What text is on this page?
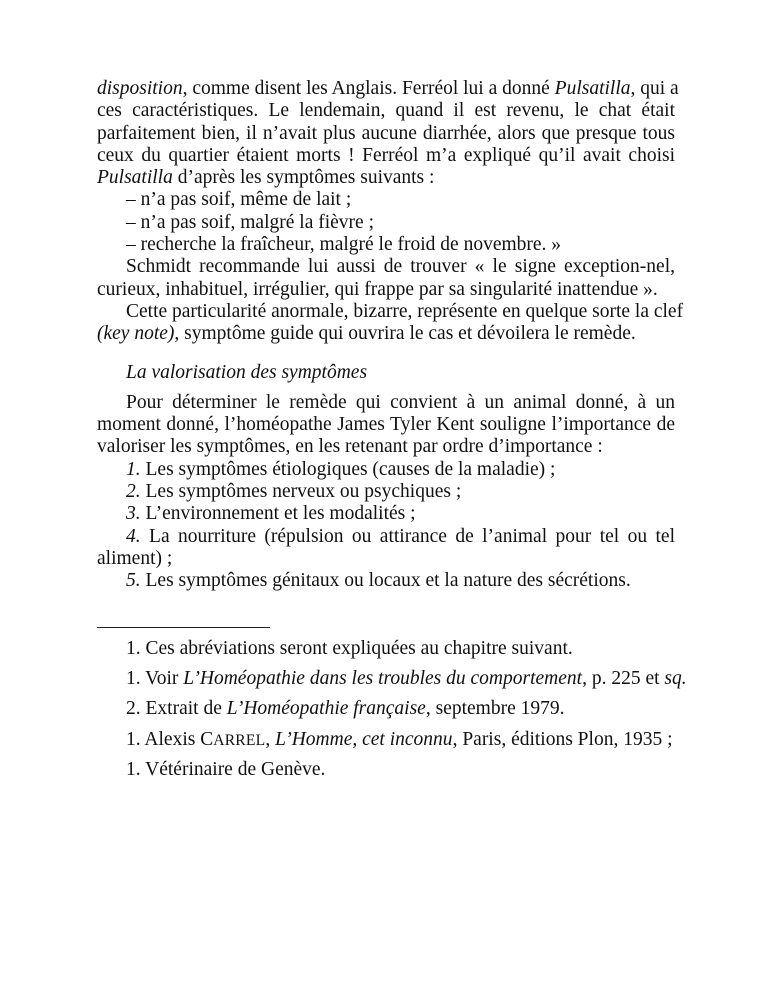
disposition, comme disent les Anglais. Ferréol lui a donné Pulsatilla, qui a
ces caractéristiques. Le lendemain, quand il est revenu, le chat était
parfaitement bien, il n’avait plus aucune diarrhée, alors que presque tous
ceux du quartier étaient morts ! Ferréol m’a expliqué qu’il avait choisi
Pulsatilla d’après les symptômes suivants :
– n’a pas soif, même de lait ;
– n’a pas soif, malgré la fièvre ;
– recherche la fraîcheur, malgré le froid de novembre. »
Schmidt recommande lui aussi de trouver « le signe exception-nel,
curieux, inhabituel, irrégulier, qui frappe par sa singularité inattendue ».
Cette particularité anormale, bizarre, représente en quelque sorte la clef
(key note), symptôme guide qui ouvrira le cas et dévoilera le remède.
La valorisation des symptômes
Pour déterminer le remède qui convient à un animal donné, à un
moment donné, l’homéopathe James Tyler Kent souligne l’importance de
valoriser les symptômes, en les retenant par ordre d’importance :
1. Les symptômes étiologiques (causes de la maladie) ;
2. Les symptômes nerveux ou psychiques ;
3. L’environnement et les modalités ;
4. La nourriture (répulsion ou attirance de l’animal pour tel ou tel
aliment) ;
5. Les symptômes génitaux ou locaux et la nature des sécrétions.
1. Ces abréviations seront expliquées au chapitre suivant.
1. Voir L’Homéopathie dans les troubles du comportement, p. 225 et sq.
2. Extrait de L’Homéopathie française, septembre 1979.
1. Alexis CARREL, L’Homme, cet inconnu, Paris, éditions Plon, 1935 ;
1. Vétérinaire de Genève.
